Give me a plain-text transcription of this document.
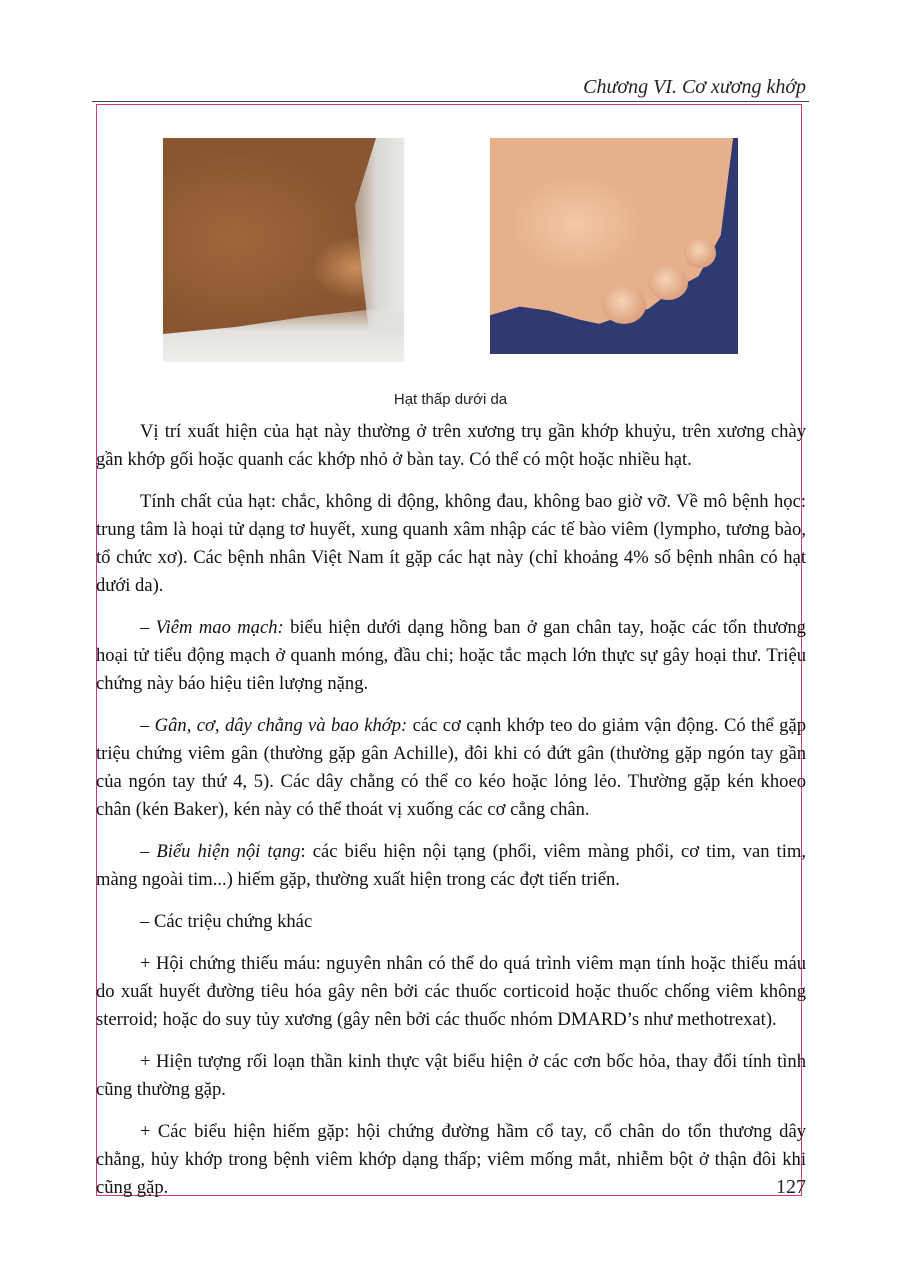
Chương VI. Cơ xương khớp
Hạt thấp dưới da

Vị trí xuất hiện của hạt này thường ở trên xương trụ gần khớp khuỷu, trên xương chày gần khớp gối hoặc quanh các khớp nhỏ ở bàn tay. Có thể có một hoặc nhiều hạt.

Tính chất của hạt: chắc, không di động, không đau, không bao giờ vỡ. Về mô bệnh học: trung tâm là hoại tử dạng tơ huyết, xung quanh xâm nhập các tế bào viêm (lympho, tương bào, tổ chức xơ). Các bệnh nhân Việt Nam ít gặp các hạt này (chỉ khoảng 4% số bệnh nhân có hạt dưới da).

– Viêm mao mạch: biểu hiện dưới dạng hồng ban ở gan chân tay, hoặc các tổn thương hoại tử tiểu động mạch ở quanh móng, đầu chi; hoặc tắc mạch lớn thực sự gây hoại thư. Triệu chứng này báo hiệu tiên lượng nặng.

– Gân, cơ, dây chằng và bao khớp: các cơ cạnh khớp teo do giảm vận động. Có thể gặp triệu chứng viêm gân (thường gặp gân Achille), đôi khi có đứt gân (thường gặp ngón tay gần của ngón tay thứ 4, 5). Các dây chằng có thể co kéo hoặc lỏng lẻo. Thường gặp kén khoeo chân (kén Baker), kén này có thể thoát vị xuống các cơ cẳng chân.

– Biểu hiện nội tạng: các biểu hiện nội tạng (phổi, viêm màng phổi, cơ tim, van tim, màng ngoài tim...) hiếm gặp, thường xuất hiện trong các đợt tiến triển.

– Các triệu chứng khác

+ Hội chứng thiếu máu: nguyên nhân có thể do quá trình viêm mạn tính hoặc thiếu máu do xuất huyết đường tiêu hóa gây nên bởi các thuốc corticoid hoặc thuốc chống viêm không sterroid; hoặc do suy tủy xương (gây nên bởi các thuốc nhóm DMARD’s như methotrexat).

+ Hiện tượng rối loạn thần kinh thực vật biểu hiện ở các cơn bốc hỏa, thay đổi tính tình cũng thường gặp.

+ Các biểu hiện hiếm gặp: hội chứng đường hầm cổ tay, cổ chân do tổn thương dây chằng, hủy khớp trong bệnh viêm khớp dạng thấp; viêm mống mắt, nhiễm bột ở thận đôi khi cũng gặp.	127
